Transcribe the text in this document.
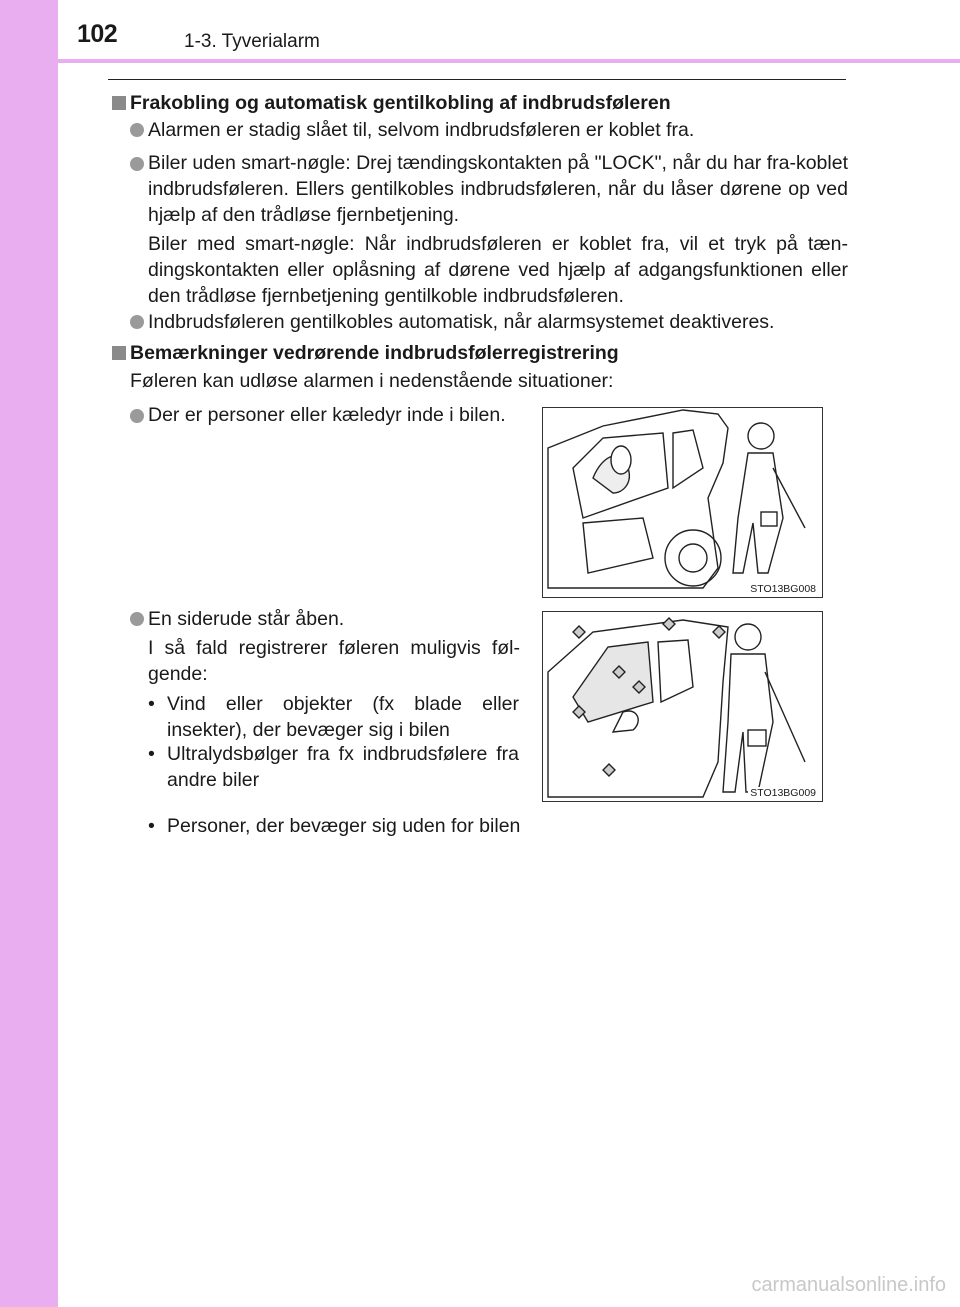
102	1-3. Tyverialarm
Frakobling og automatisk gentilkobling af indbrudsføleren
Alarmen er stadig slået til, selvom indbrudsføleren er koblet fra.
Biler uden smart-nøgle: Drej tændingskontakten på "LOCK", når du har fra-koblet indbrudsføleren. Ellers gentilkobles indbrudsføleren, når du låser dørene op ved hjælp af den trådløse fjernbetjening.
Biler med smart-nøgle: Når indbrudsføleren er koblet fra, vil et tryk på tæn-dingskontakten eller oplåsning af dørene ved hjælp af adgangsfunktionen eller den trådløse fjernbetjening gentilkoble indbrudsføleren.
Indbrudsføleren gentilkobles automatisk, når alarmsystemet deaktiveres.
Bemærkninger vedrørende indbrudsfølerregistrering
Føleren kan udløse alarmen i nedenstående situationer:
Der er personer eller kæledyr inde i bilen.
En siderude står åben.
I så fald registrerer føleren muligvis føl-gende:
• Vind eller objekter (fx blade eller insekter), der bevæger sig i bilen
• Ultralydsbølger fra fx indbrudsfølere fra andre biler
• Personer, der bevæger sig uden for bilen
STO13BG008
STO13BG009
carmanualsonline.info
